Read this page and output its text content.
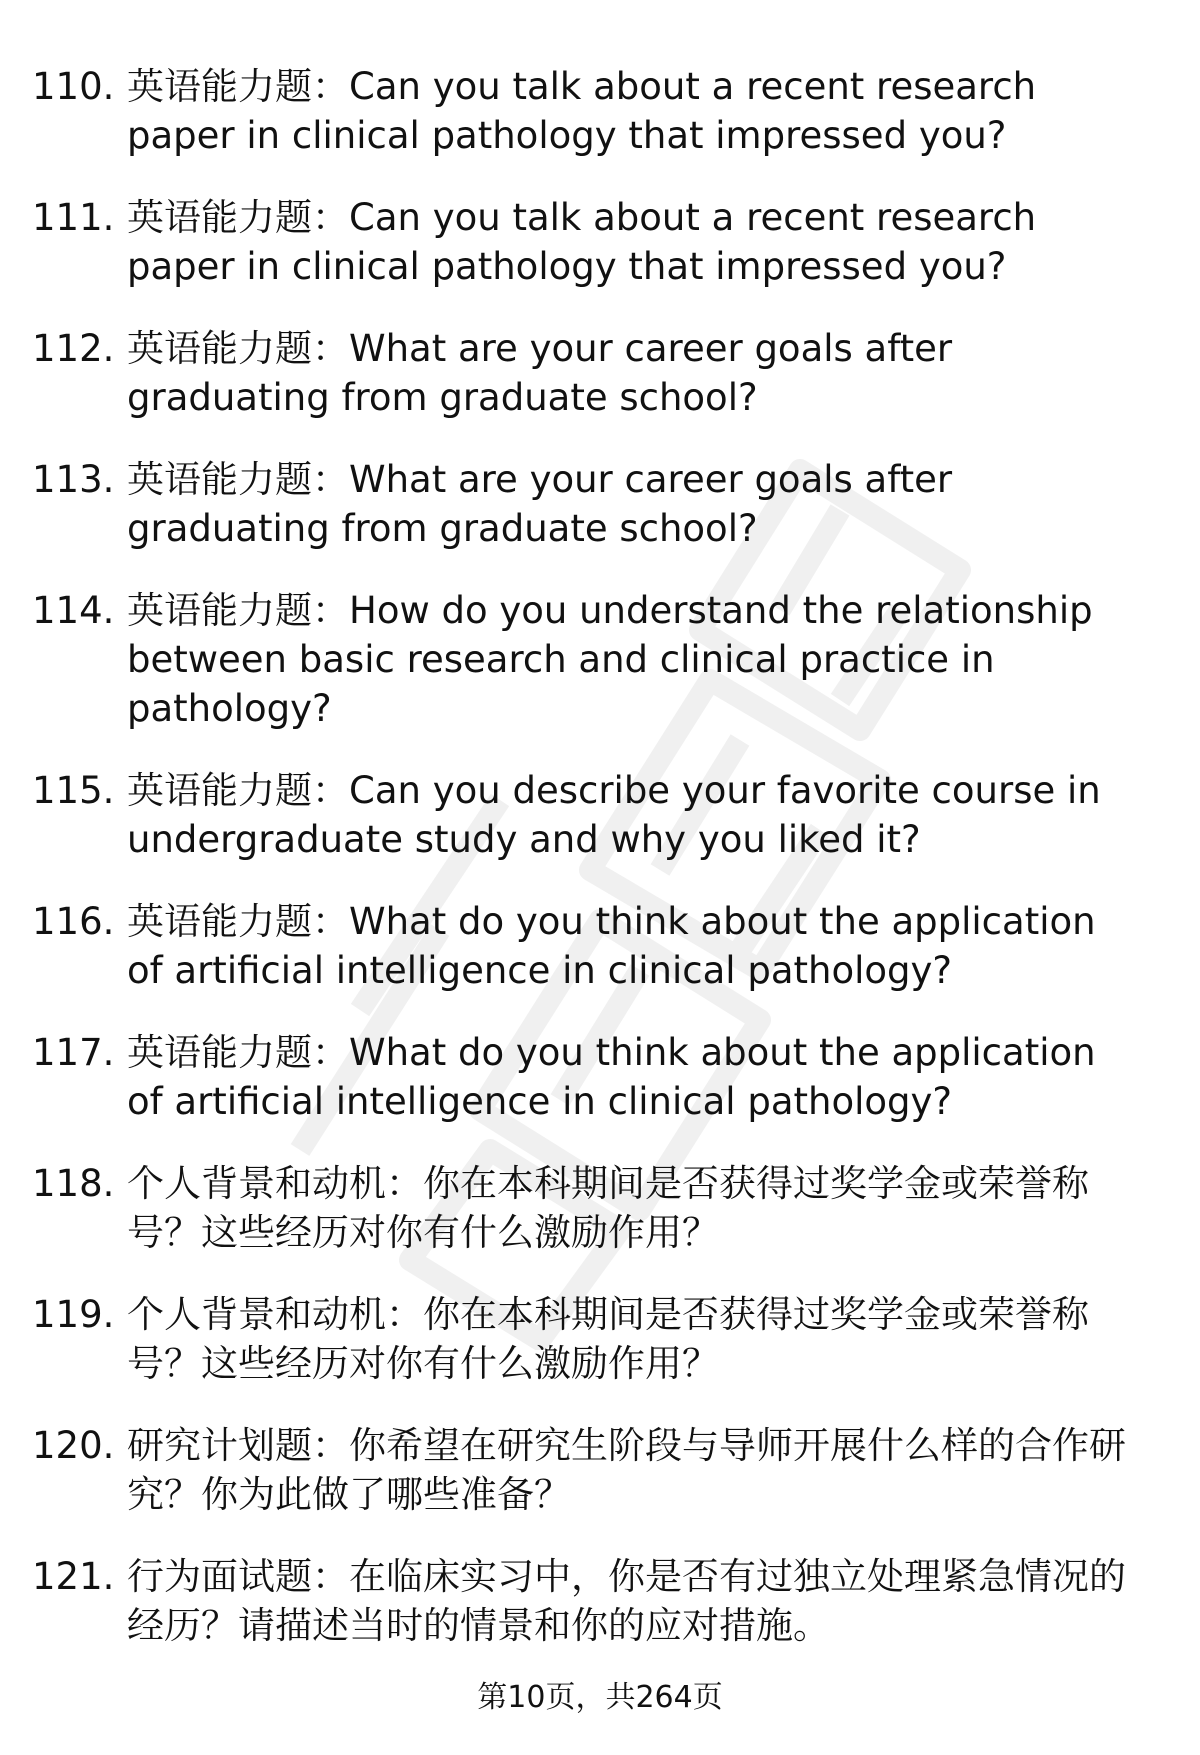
110. 英语能力题：Can you talk about a recent research paper in clinical pathology that impressed you?
111. 英语能力题：Can you talk about a recent research paper in clinical pathology that impressed you?
112. 英语能力题：What are your career goals after graduating from graduate school?
113. 英语能力题：What are your career goals after graduating from graduate school?
114. 英语能力题：How do you understand the relationship between basic research and clinical practice in pathology?
115. 英语能力题：Can you describe your favorite course in undergraduate study and why you liked it?
116. 英语能力题：What do you think about the application of artificial intelligence in clinical pathology?
117. 英语能力题：What do you think about the application of artificial intelligence in clinical pathology?
118. 个人背景和动机：你在本科期间是否获得过奖学金或荣誉称号？这些经历对你有什么激励作用？
119. 个人背景和动机：你在本科期间是否获得过奖学金或荣誉称号？这些经历对你有什么激励作用？
120. 研究计划题：你希望在研究生阶段与导师开展什么样的合作研究？你为此做了哪些准备？
121. 行为面试题：在临床实习中，你是否有过独立处理紧急情况的经历？请描述当时的情景和你的应对措施。
第10页，共264页
